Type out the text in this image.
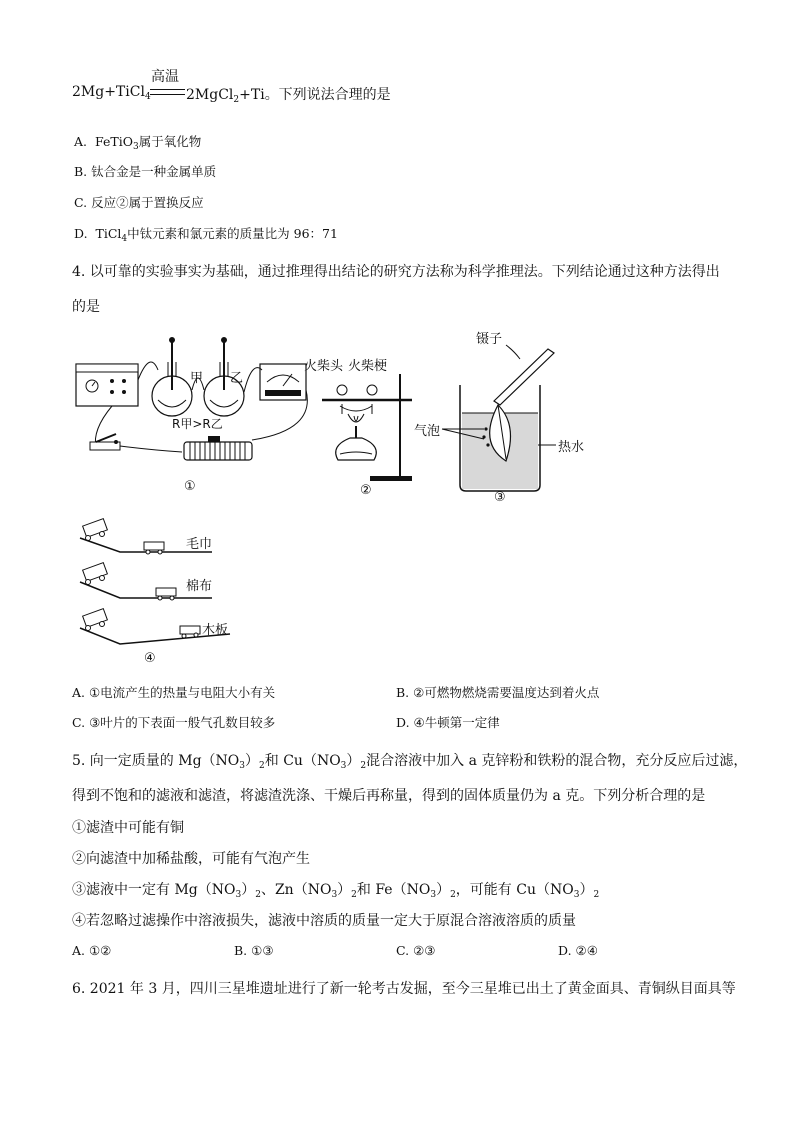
2Mg+TiCl$_4$
高温
2MgCl$_2$+Ti。下列说法合理的是
A. FeTiO$_3$属于氧化物
B. 钛合金是一种金属单质
C. 反应②属于置换反应
D. TiCl$_4$中钛元素和氯元素的质量比为 96：71
4. 以可靠的实验事实为基础，通过推理得出结论的研究方法称为科学推理法。下列结论通过这种方法得出
的是
甲 乙
R甲>R乙
①
火柴头 火柴梗
②
镊子
气泡
热水
③
毛巾
棉布
木板
④
A. ①电流产生的热量与电阻大小有关	B. ②可燃物燃烧需要温度达到着火点
C. ③叶片的下表面一般气孔数目较多	D. ④牛顿第一定律
5. 向一定质量的 $Mg(NO_3)_2$和 $Cu(NO_3)_2$混合溶液中加入 a 克锌粉和铁粉的混合物，充分反应后过滤，
得到不饱和的滤液和滤渣，将滤渣洗涤、干燥后再称量，得到的固体质量仍为 a 克。下列分析合理的是
①滤渣中可能有铜
②向滤渣中加稀盐酸，可能有气泡产生
③滤液中一定有 $Mg(NO_3)_2$、$Zn(NO_3)_2$和 $Fe(NO_3)_2$，可能有 $Cu(NO_3)_2$
④若忽略过滤操作中溶液损失，滤液中溶质的质量一定大于原混合溶液溶质的质量
A. ①②	B. ①③	C. ②③	D. ②④
6. 2021 年 3 月，四川三星堆遗址进行了新一轮考古发掘，至今三星堆已出土了黄金面具、青铜纵目面具等
